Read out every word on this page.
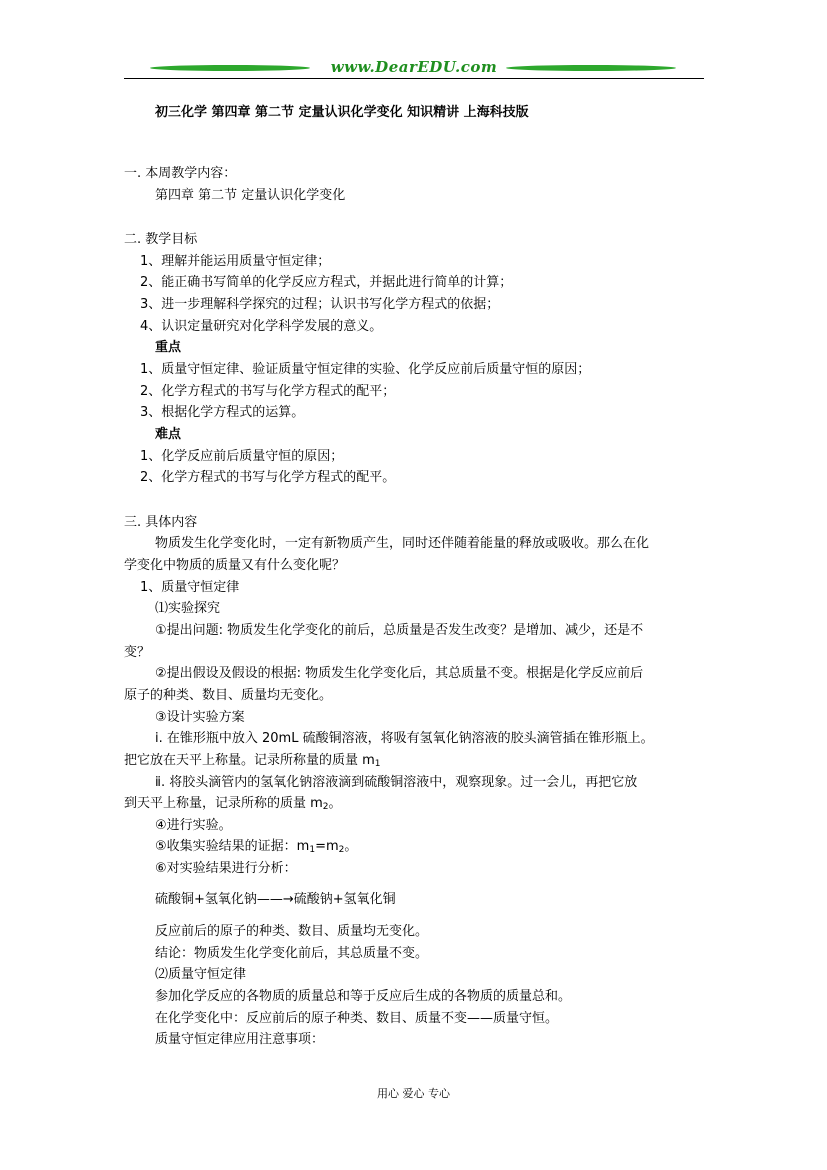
www.DearEDU.com
初三化学 第四章 第二节 定量认识化学变化 知识精讲 上海科技版
一. 本周教学内容：
第四章 第二节 定量认识化学变化
二. 教学目标
1、理解并能运用质量守恒定律；
2、能正确书写简单的化学反应方程式，并据此进行简单的计算；
3、进一步理解科学探究的过程；认识书写化学方程式的依据；
4、认识定量研究对化学科学发展的意义。
重点
1、质量守恒定律、验证质量守恒定律的实验、化学反应前后质量守恒的原因；
2、化学方程式的书写与化学方程式的配平；
3、根据化学方程式的运算。
难点
1、化学反应前后质量守恒的原因；
2、化学方程式的书写与化学方程式的配平。
三. 具体内容
物质发生化学变化时，一定有新物质产生，同时还伴随着能量的释放或吸收。那么在化
学变化中物质的质量又有什么变化呢？
1、质量守恒定律
⑴实验探究
①提出问题: 物质发生化学变化的前后，总质量是否发生改变？是增加、减少，还是不
变？
②提出假设及假设的根据: 物质发生化学变化后，其总质量不变。根据是化学反应前后
原子的种类、数目、质量均无变化。
③设计实验方案
ⅰ. 在锥形瓶中放入 20mL 硫酸铜溶液，将吸有氢氧化钠溶液的胶头滴管插在锥形瓶上。
把它放在天平上称量。记录所称量的质量 $m_1$
ⅱ. 将胶头滴管内的氢氧化钠溶液滴到硫酸铜溶液中，观察现象。过一会儿，再把它放
到天平上称量，记录所称的质量 $m_2$。
④进行实验。
⑤收集实验结果的证据：$m_1=m_2$。
⑥对实验结果进行分析：
硫酸铜+氢氧化钠——→硫酸钠+氢氧化铜
反应前后的原子的种类、数目、质量均无变化。
结论：物质发生化学变化前后，其总质量不变。
⑵质量守恒定律
参加化学反应的各物质的质量总和等于反应后生成的各物质的质量总和。
在化学变化中：反应前后的原子种类、数目、质量不变——质量守恒。
质量守恒定律应用注意事项：
用心 爱心 专心
